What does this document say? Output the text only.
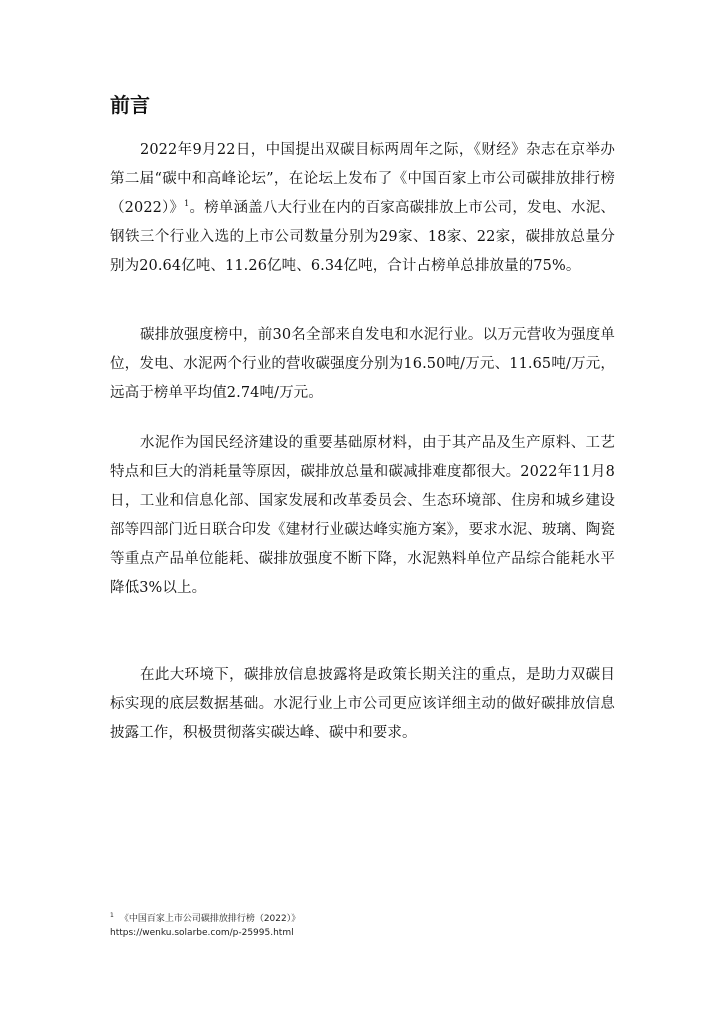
前言

2022年9月22日，中国提出双碳目标两周年之际，《财经》杂志在京举办第二届“碳中和高峰论坛”，在论坛上发布了《中国百家上市公司碳排放排行榜（2022）》$^1$。榜单涵盖八大行业在内的百家高碳排放上市公司，发电、水泥、钢铁三个行业入选的上市公司数量分别为29家、18家、22家，碳排放总量分别为20.64亿吨、11.26亿吨、6.34亿吨，合计占榜单总排放量的75%。

碳排放强度榜中，前30名全部来自发电和水泥行业。以万元营收为强度单位，发电、水泥两个行业的营收碳强度分别为16.50吨/万元、11.65吨/万元，远高于榜单平均值2.74吨/万元。

水泥作为国民经济建设的重要基础原材料，由于其产品及生产原料、工艺特点和巨大的消耗量等原因，碳排放总量和碳减排难度都很大。2022年11月8日，工业和信息化部、国家发展和改革委员会、生态环境部、住房和城乡建设部等四部门近日联合印发《建材行业碳达峰实施方案》，要求水泥、玻璃、陶瓷等重点产品单位能耗、碳排放强度不断下降，水泥熟料单位产品综合能耗水平降低3%以上。

在此大环境下，碳排放信息披露将是政策长期关注的重点，是助力双碳目标实现的底层数据基础。水泥行业上市公司更应该详细主动的做好碳排放信息披露工作，积极贯彻落实碳达峰、碳中和要求。

$^1$ 《中国百家上市公司碳排放排行榜（2022）》
https://wenku.solarbe.com/p-25995.html
